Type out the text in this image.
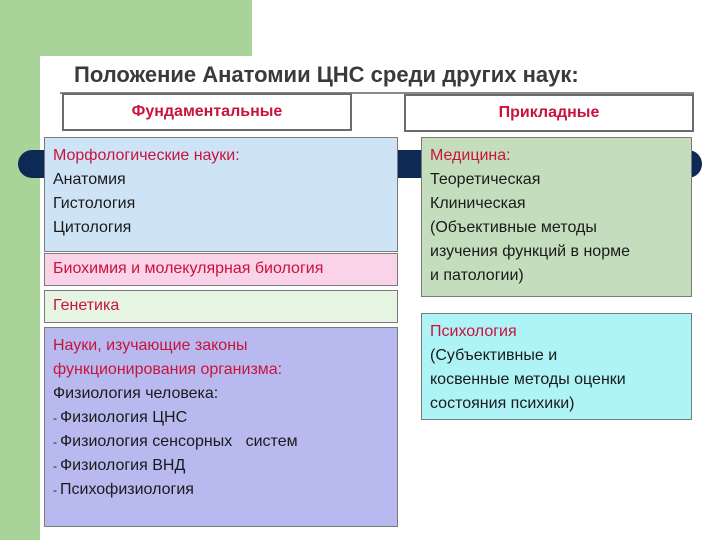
Положение Анатомии ЦНС среди других наук:
Фундаментальные	Прикладные
Морфологические науки:
Анатомия
Гистология
Цитология
Биохимия и молекулярная биология
Генетика
Науки, изучающие законы
функционирования организма:
Физиология человека:
- Физиология ЦНС
- Физиология сенсорных   систем
- Физиология ВНД
- Психофизиология
Медицина:
Теоретическая
Клиническая
(Объективные методы
изучения функций в норме
и патологии)
Психология
(Субъективные и
косвенные методы оценки
состояния психики)
